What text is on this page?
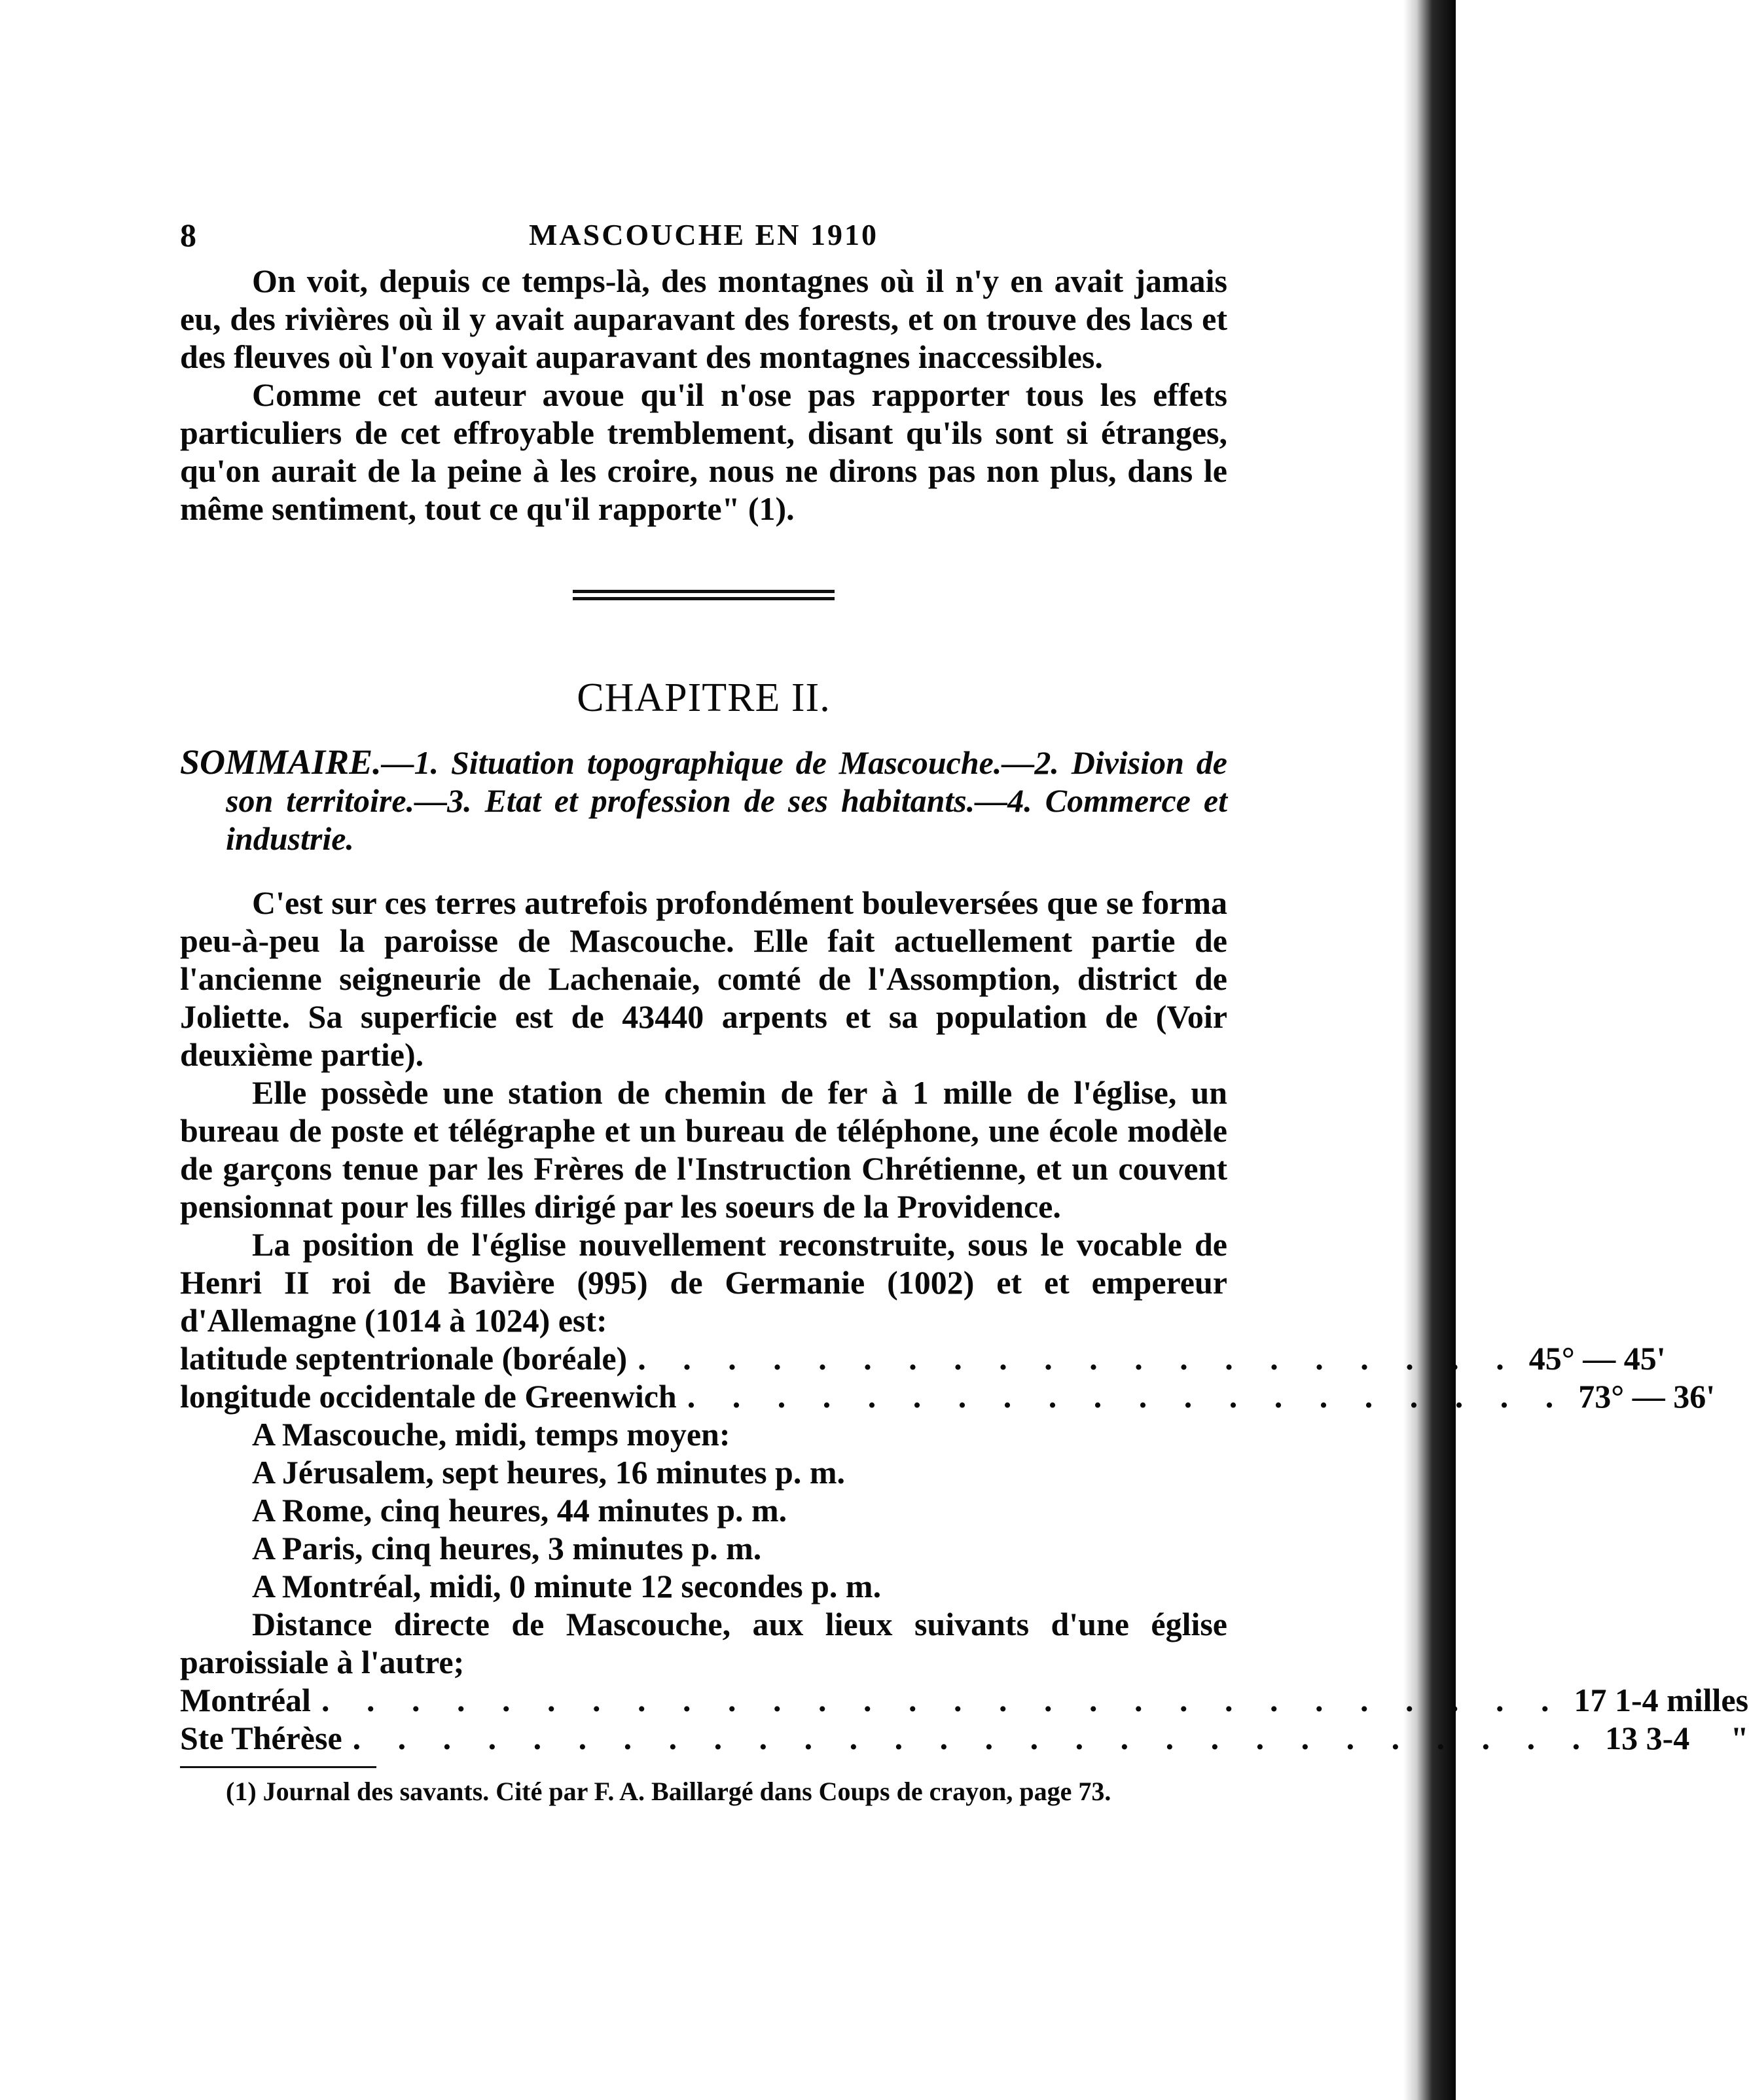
8	MASCOUCHE EN 1910

On voit, depuis ce temps-là, des montagnes où il n'y en avait jamais eu, des rivières où il y avait auparavant des forests, et on trouve des lacs et des fleuves où l'on voyait auparavant des montagnes inaccessibles.

Comme cet auteur avoue qu'il n'ose pas rapporter tous les effets particuliers de cet effroyable tremblement, disant qu'ils sont si étranges, qu'on aurait de la peine à les croire, nous ne dirons pas non plus, dans le même sentiment, tout ce qu'il rapporte" (1).

CHAPITRE II.

SOMMAIRE.—1. Situation topographique de Mascouche.—2. Division de son territoire.—3. Etat et profession de ses habitants.—4. Commerce et industrie.

C'est sur ces terres autrefois profondément bouleversées que se forma peu-à-peu la paroisse de Mascouche. Elle fait actuellement partie de l'ancienne seigneurie de Lachenaie, comté de l'Assomption, district de Joliette. Sa superficie est de 43440 arpents et sa population de (Voir deuxième partie).

Elle possède une station de chemin de fer à 1 mille de l'église, un bureau de poste et télégraphe et un bureau de téléphone, une école modèle de garçons tenue par les Frères de l'Instruction Chrétienne, et un couvent pensionnat pour les filles dirigé par les soeurs de la Providence.

La position de l'église nouvellement reconstruite, sous le vocable de Henri II roi de Bavière (995) de Germanie (1002) et et empereur d'Allemagne (1014 à 1024) est:

latitude septentrionale (boréale) . . . . . . . . . . . . . . . . . . . . 45° — 45'
longitude occidentale de Greenwich . . . . . . . . . . . . . . . . . . . . 73° — 36'
A Mascouche, midi, temps moyen:
A Jérusalem, sept heures, 16 minutes p. m.
A Rome, cinq heures, 44 minutes p. m.
A Paris, cinq heures, 3 minutes p. m.
A Montréal, midi, 0 minute 12 secondes p. m.

Distance directe de Mascouche, aux lieux suivants d'une église paroissiale à l'autre;

Montréal . . . . . . . . . . . . . . . . . . . . . . . . . . . . 17 1-4 milles
Ste Thérèse . . . . . . . . . . . . . . . . . . . . . . . . . . . . 13 3-4     "

(1) Journal des savants. Cité par F. A. Baillargé dans Coups de crayon, page 73.
